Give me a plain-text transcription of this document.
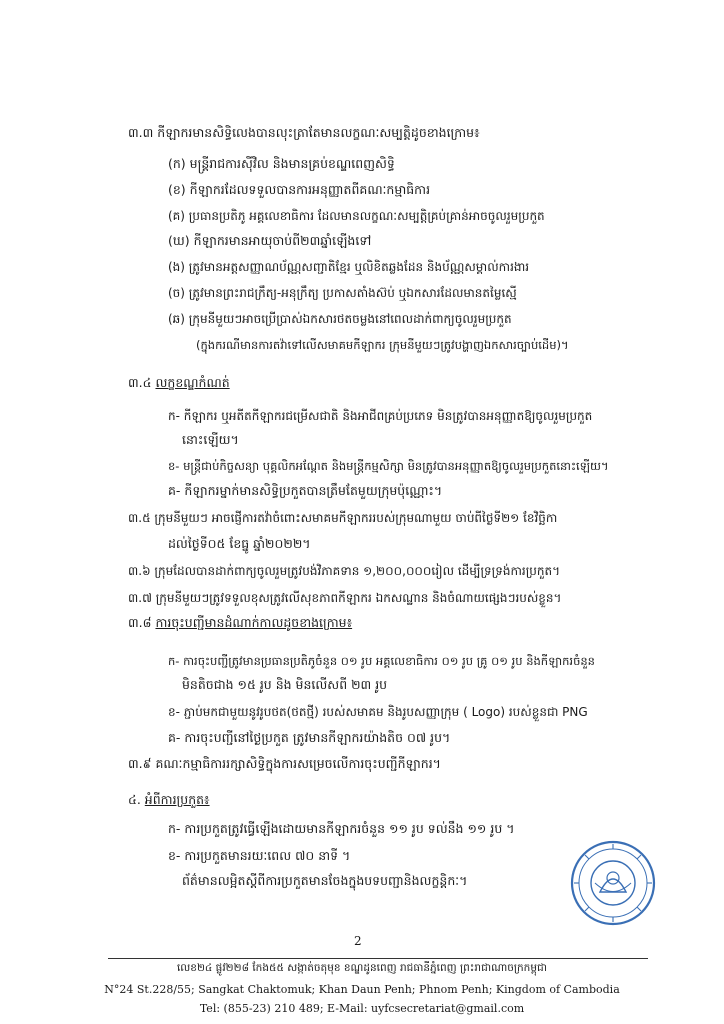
៣.៣ កីឡាករមានសិទ្ធិលេងបានលុះត្រាតែមានលក្ខណៈសម្បត្តិដូចខាងក្រោម៖
(ក) មន្ត្រីរាជការស៊ីវិល និងមានគ្រប់ខណ្ឌពេញសិទ្ធិ
(ខ) កីឡាករដែលទទួលបានការអនុញ្ញាតពីគណៈកម្មាធិការ
(គ) ប្រធានប្រតិភូ អគ្គលេខាធិការ ដែលមានលក្ខណៈសម្បត្តិគ្រប់គ្រាន់អាចចូលរួមប្រកួត
(ឃ) កីឡាករមានអាយុចាប់ពី២៣ឆ្នាំឡើងទៅ
(ង) ត្រូវមានអត្តសញ្ញាណប័ណ្ណសញ្ជាតិខ្មែរ ឬលិខិតឆ្លងដែន និងប័ណ្ណសម្គាល់ការងារ
(ច) ត្រូវមានព្រះរាជក្រឹត្យ-អនុក្រឹត្យ ប្រកាសតាំងស៊ប់ ឬឯកសារដែលមានតម្លៃស្មើ
(ឆ) ក្រុមនីមួយៗអាចប្រើប្រាស់ឯកសារថតចម្លងនៅពេលដាក់ពាក្យចូលរួមប្រកួត
(ក្នុងករណីមានការតវ៉ាទៅលើសមាគមកីឡាករ ក្រុមនីមួយៗត្រូវបង្ហាញឯកសារច្បាប់ដើម)។
៣.៤ លក្ខខណ្ឌកំណត់
ក- កីឡាករ ឬអតីតកីឡាករជម្រើសជាតិ និងអាជីពគ្រប់ប្រភេទ មិនត្រូវបានអនុញ្ញាតឱ្យចូលរួមប្រកួត
នោះឡើយ។
ខ- មន្ត្រីជាប់កិច្ចសន្យា បុគ្គលិកអណ្តែត និងមន្ត្រីកម្មសិក្សា មិនត្រូវបានអនុញ្ញាតឱ្យចូលរួមប្រកួតនោះឡើយ។
គ- កីឡាករម្នាក់មានសិទ្ធិប្រកួតបានត្រឹមតែមួយក្រុមប៉ុណ្ណោះ។
៣.៥ ក្រុមនីមួយៗ អាចផ្ញើការតវ៉ាចំពោះសមាគមកីឡាកររបស់ក្រុមណាមួយ ចាប់ពីថ្ងៃទី២១ ខែវិច្ឆិកា
ដល់ថ្ងៃទី០៥ ខែធ្នូ ឆ្នាំ២០២២។
៣.៦ ក្រុមដែលបានដាក់ពាក្យចូលរួមត្រូវបង់វិភាគទាន ១,២០០,០០០រៀល ដើម្បីទ្រទ្រង់ការប្រកួត។
៣.៧ ក្រុមនីមួយៗត្រូវទទួលខុសត្រូវលើសុខភាពកីឡាករ ឯកសណ្ឋាន និងចំណាយផ្សេងៗរបស់ខ្លួន។
៣.៨ ការចុះបញ្ជីមានដំណាក់កាលដូចខាងក្រោម៖
ក- ការចុះបញ្ជីត្រូវមានប្រធានប្រតិភូចំនួន ០១ រូប អគ្គលេខាធិការ ០១ រូប គ្រូ ០១ រូប និងកីឡាករចំនួន
មិនតិចជាង ១៥ រូប និង មិនលើសពី ២៣ រូប
ខ- ភ្ជាប់មកជាមួយនូវរូបថត(ថតថ្មី) របស់សមាគម និងរូបសញ្ញាក្រុម ( Logo) របស់ខ្លួនជា PNG
គ- ការចុះបញ្ជីនៅថ្ងៃប្រកួត ត្រូវមានកីឡាករយ៉ាងតិច ០៧ រូប។
៣.៩ គណៈកម្មាធិការរក្សាសិទ្ធិក្នុងការសម្រេចលើការចុះបញ្ជីកីឡាករ។
៤. អំពីការប្រកួត៖
ក- ការប្រកួតត្រូវធ្វើឡើងដោយមានកីឡាករចំនួន ១១ រូប ទល់នឹង ១១ រូប ។
ខ- ការប្រកួតមានរយៈពេល ៧០ នាទី ។
ព័ត៌មានលម្អិតស្ដីពីការប្រកួតមានចែងក្នុងបទបញ្ជានិងលក្ខន្តិកៈ។
2
លេខ២៤ ផ្លូវ២២៨ កែង៥៥ សង្កាត់ចតុមុខ ខណ្ឌដូនពេញ រាជធានីភ្នំពេញ ព្រះរាជាណាចក្រកម្ពុជា
N°24 St.228/55; Sangkat Chaktomuk; Khan Daun Penh; Phnom Penh; Kingdom of Cambodia
Tel: (855-23) 210 489; E-Mail: uyfcsecretariat@gmail.com
